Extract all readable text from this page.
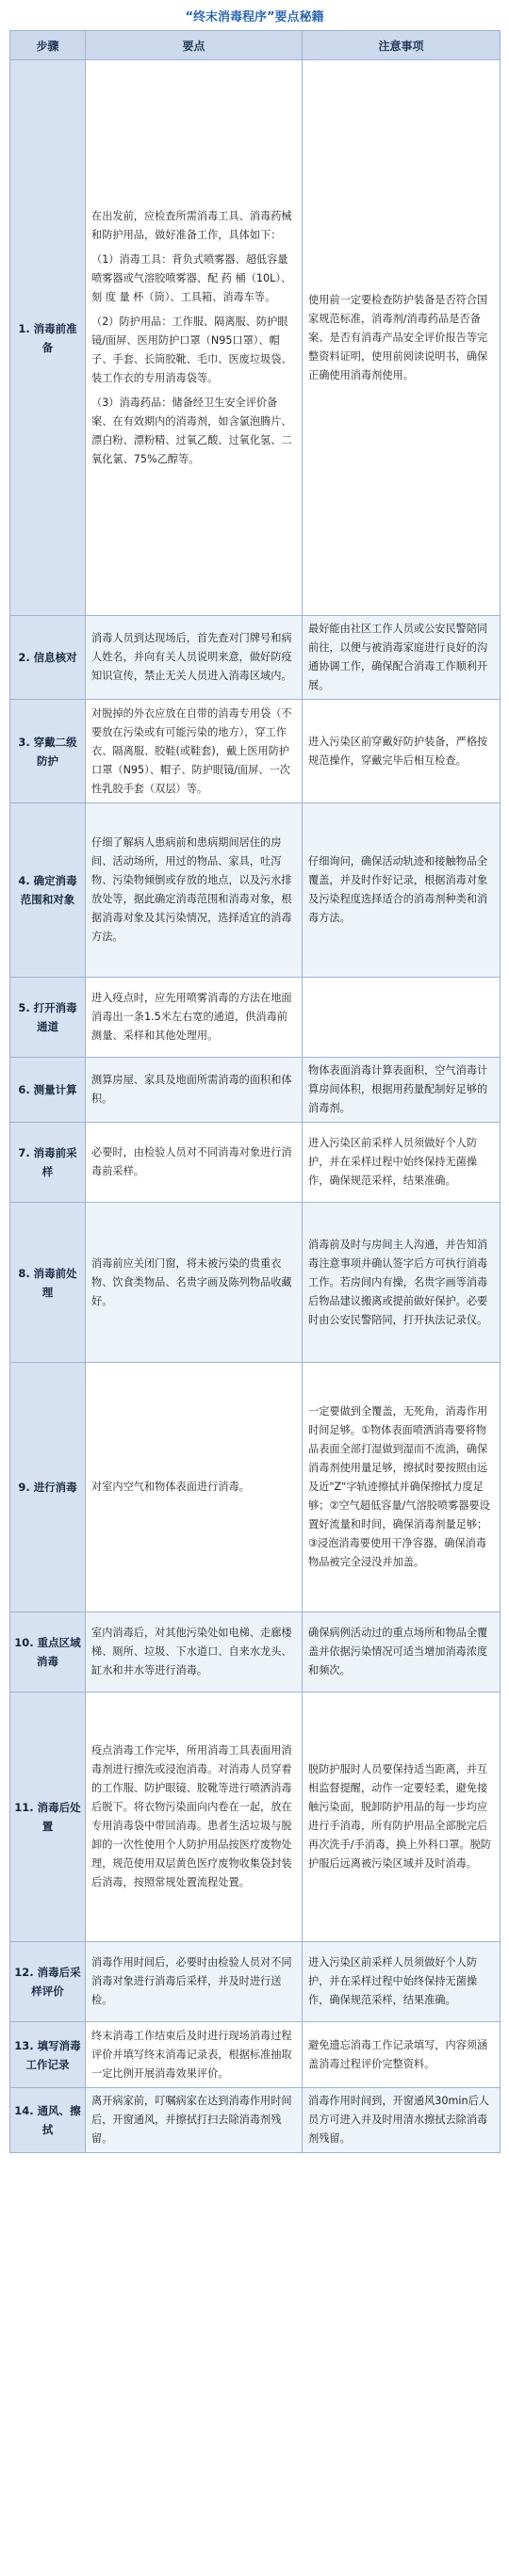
“终末消毒程序”要点秘籍
步骤	要点	注意事项
1. 消毒前准备	在出发前，应检查所需消毒工具、消毒药械和防护用品，做好准备工作，具体如下：

（1）消毒工具：背负式喷雾器、超低容量喷雾器或气溶胶喷雾器、配 药 桶（10L）、刻 度 量 杯（筒）、工具箱、消毒车等。

（2）防护用品：工作服、隔离服、防护眼镜/面屏、医用防护口罩（N95口罩）、帽子、手套、长筒胶靴、毛巾、医废垃圾袋、装工作衣的专用消毒袋等。

（3）消毒药品：储备经卫生安全评价备案、在有效期内的消毒剂，如含氯泡腾片、漂白粉、漂粉精、过氧乙酸、过氧化氢、二氧化氯、75%乙醇等。	使用前一定要检查防护装备是否符合国家规范标准，消毒剂/消毒药品是否备案、是否有消毒产品安全评价报告等完整资料证明，使用前阅读说明书，确保正确使用消毒剂使用。
2. 信息核对	消毒人员到达现场后，首先查对门牌号和病人姓名，并向有关人员说明来意，做好防疫知识宣传，禁止无关人员进入消毒区域内。	最好能由社区工作人员或公安民警陪同前往，以便与被消毒家庭进行良好的沟通协调工作，确保配合消毒工作顺利开展。
3. 穿戴二级防护	对脱掉的外衣应放在自带的消毒专用袋（不要放在污染或有可能污染的地方），穿工作衣、隔离服、胶鞋(或鞋套)，戴上医用防护口罩（N95）、帽子、防护眼镜/面屏、一次性乳胶手套（双层）等。	进入污染区前穿戴好防护装备，严格按规范操作，穿戴完毕后相互检查。
4. 确定消毒范围和对象	仔细了解病人患病前和患病期间居住的房间、活动场所，用过的物品、家具，吐泻物、污染物倾倒或存放的地点，以及污水排放处等，据此确定消毒范围和消毒对象，根据消毒对象及其污染情况，选择适宜的消毒方法。	仔细询问，确保活动轨迹和接触物品全覆盖，并及时作好记录，根据消毒对象及污染程度选择适合的消毒剂种类和消毒方法。
5. 打开消毒通道	进入疫点时，应先用喷雾消毒的方法在地面消毒出一条1.5米左右宽的通道，供消毒前测量、采样和其他处理用。	

6. 测量计算	测算房屋、家具及地面所需消毒的面积和体积。	物体表面消毒计算表面积，空气消毒计算房间体积，根据用药量配制好足够的消毒剂。
7. 消毒前采样	必要时，由检验人员对不同消毒对象进行消毒前采样。	进入污染区前采样人员须做好个人防护，并在采样过程中始终保持无菌操作，确保规范采样，结果准确。
8. 消毒前处理	消毒前应关闭门窗，将未被污染的贵重衣物、饮食类物品、名贵字画及陈列物品收藏好。	消毒前及时与房间主人沟通，并告知消毒注意事项并确认签字后方可执行消毒工作。若房间内有操，名贵字画等消毒后物品建议搬离或提前做好保护。必要时由公安民警陪同，打开执法记录仪。
9. 进行消毒	对室内空气和物体表面进行消毒。	一定要做到全覆盖，无死角，消毒作用时间足够。①物体表面喷洒消毒要将物品表面全部打湿做到湿而不流淌，确保消毒剂使用量足够，擦拭时要按照由远及近"Z"字轨迹擦拭并确保擦拭力度足够；②空气超低容量/气溶胶喷雾器要设置好流量和时间，确保消毒剂量足够；③浸泡消毒要使用干净容器，确保消毒物品被完全浸没并加盖。
10. 重点区域消毒	室内消毒后，对其他污染处如电梯、走廊楼梯、厕所、垃圾、下水道口、自来水龙头、缸水和井水等进行消毒。	确保病例活动过的重点场所和物品全覆盖并依据污染情况可适当增加消毒浓度和频次。
11. 消毒后处置	疫点消毒工作完毕，所用消毒工具表面用消毒剂进行擦洗或浸泡消毒。对消毒人员穿着的工作服、防护眼镜、胶靴等进行喷洒消毒后脱下。将衣物污染面向内卷在一起，放在专用消毒袋中带回消毒。患者生活垃圾与脱卸的一次性使用个人防护用品按医疗废物处理，规范使用双层黄色医疗废物收集袋封装后消毒，按照常规处置流程处置。	脱防护服时人员要保持适当距离，并互相监督提醒，动作一定要轻柔，避免接触污染面，脱卸防护用品的每一步均应进行手消毒，所有防护用品全部脱完后再次洗手/手消毒，换上外科口罩。脱防护服后远离被污染区域并及时消毒。
12. 消毒后采样评价	消毒作用时间后，必要时由检验人员对不同消毒对象进行消毒后采样，并及时进行送检。	进入污染区前采样人员须做好个人防护，并在采样过程中始终保持无菌操作，确保规范采样，结果准确。
13. 填写消毒工作记录	终末消毒工作结束后及时进行现场消毒过程评价并填写终末消毒记录表，根据标准抽取一定比例开展消毒效果评价。	避免遗忘消毒工作记录填写，内容须涵盖消毒过程评价完整资料。
14. 通风、擦拭	离开病家前，叮嘱病家在达到消毒作用时间后，开窗通风，并擦拭打扫去除消毒剂残留。	消毒作用时间到，开窗通风30min后人员方可进入并及时用清水擦拭去除消毒剂残留。
